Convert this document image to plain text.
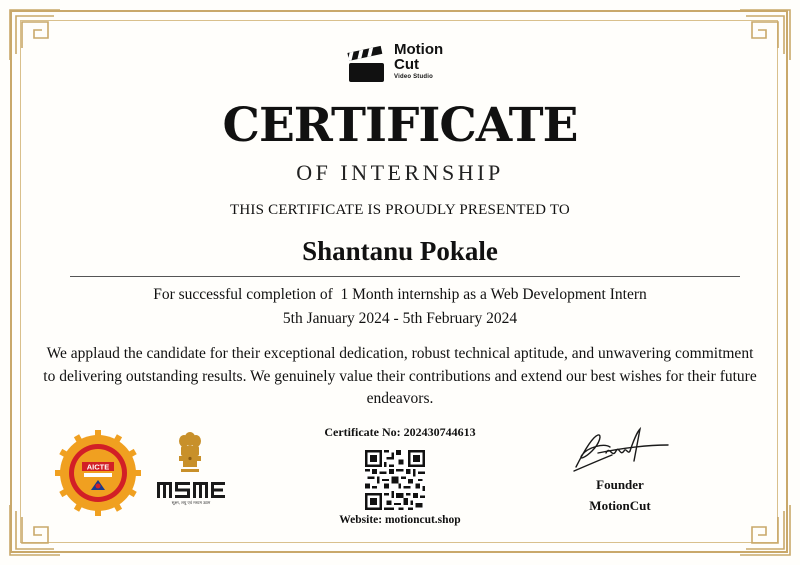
Motion
Cut
Video Studio
CERTIFICATE
OF INTERNSHIP
THIS CERTIFICATE IS PROUDLY PRESENTED TO
Shantanu Pokale
For successful completion of  1 Month internship as a Web Development Intern
5th January 2024 - 5th February 2024
We applaud the candidate for their exceptional dedication, robust technical aptitude, and unwavering commitment to delivering outstanding results. We genuinely value their contributions and extend our best wishes for their future endeavors.
AICTE
सूक्ष्म, लघु एवं मध्यम उद्यम
Certificate No: 202430744613
Website: motioncut.shop
Founder
MotionCut
